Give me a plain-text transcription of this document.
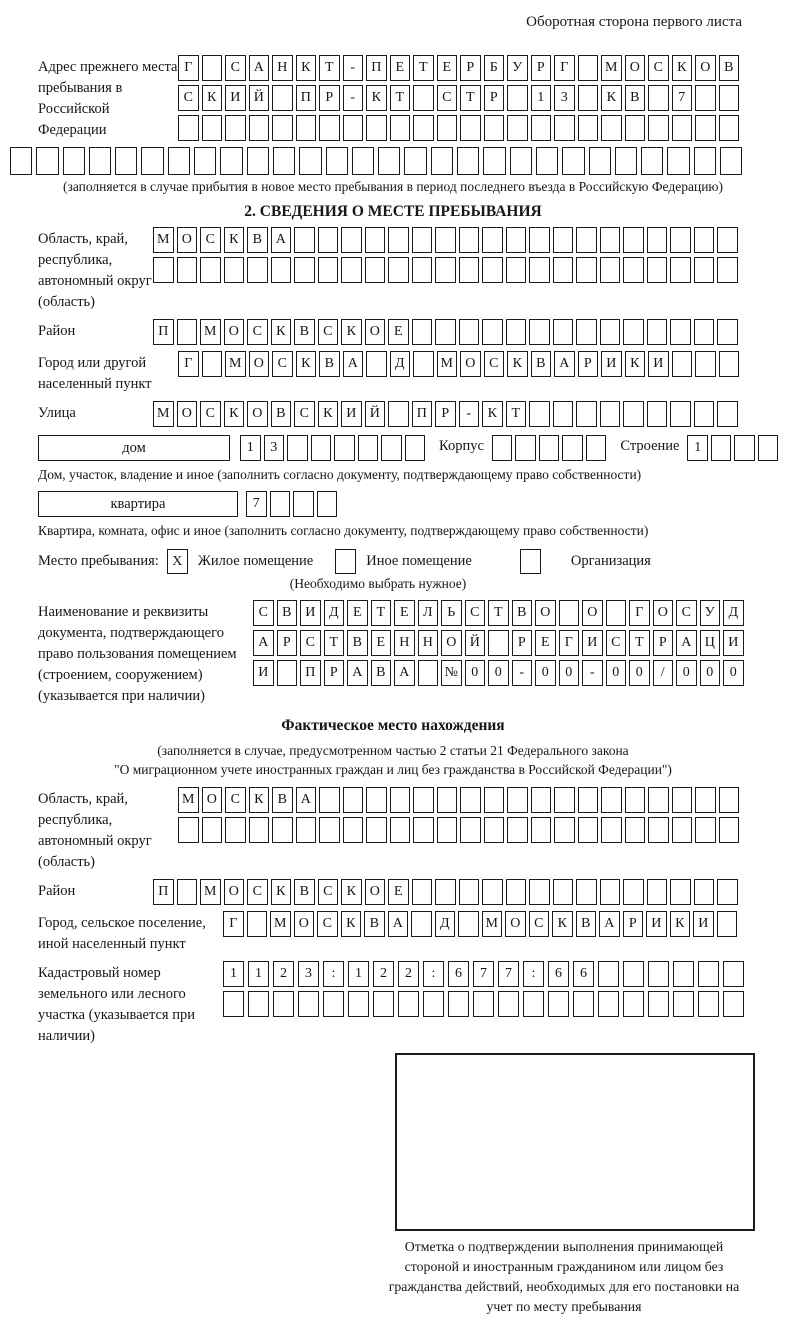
Оборотная сторона первого листа
Адрес прежнего места пребывания в Российской Федерации
Г	С А Н К	Т	-	П	Е	Т	Е	Р	Б	У	Р	Г	М О С	К О В
С	К И Й	П	Р	-	К	Т	С	Т	Р	1	3	К	В	7
(заполняется в случае прибытия в новое место пребывания в период последнего въезда в Российскую Федерацию)
2. СВЕДЕНИЯ О МЕСТЕ ПРЕБЫВАНИЯ
Область, край, республика, автономный округ (область)
М О С	К	В А
Район	П	М О С	К	В	С	К О	Е
Город или другой населенный пункт
Г	М О С	К	В А	Д	М О С	К	В А	Р	И К И
Улица	М О С	К О В	С	К И Й	П	Р	-	К	Т
дом	1	3	Корпус	Строение	1
Дом, участок, владение и иное (заполнить согласно документу, подтверждающему право собственности)
квартира	7
Квартира, комната, офис и иное (заполнить согласно документу, подтверждающему право собственности)
Место пребывания: X	Жилое помещение	Иное помещение	Организация
(Необходимо выбрать нужное)
Наименование и реквизиты документа, подтверждающего право пользования помещением (строением, сооружением) (указывается при наличии)
С	В И Д	Е	Т	Е	Л	Ь	С	Т	В О	О	Г	О С У Д
А	Р	С	Т	В	Е	Н Н О Й	Р	Е	Г	И С	Т	Р	А Ц И
И	П	Р	А В А	№ 0	0	-	0	0	-	0	0	/	0	0	0
Фактическое место нахождения
(заполняется в случае, предусмотренном частью 2 статьи 21 Федерального закона
"О миграционном учете иностранных граждан и лиц без гражданства в Российской Федерации")
Область, край, республика, автономный округ (область)
М О С	К	В А
Район	П	М О С	К	В	С	К О	Е
Город, сельское поселение, иной населенный пункт
Г	М О С	К	В А	Д	М О С	К	В А	Р	И К И
Кадастровый номер земельного или лесного участка (указывается при наличии)
1	1	2	3	:	1	2	2	:	6	7	7	:	6	6
Отметка о подтверждении выполнения принимающей стороной и иностранным гражданином или лицом без гражданства действий, необходимых для его постановки на учет по месту пребывания
